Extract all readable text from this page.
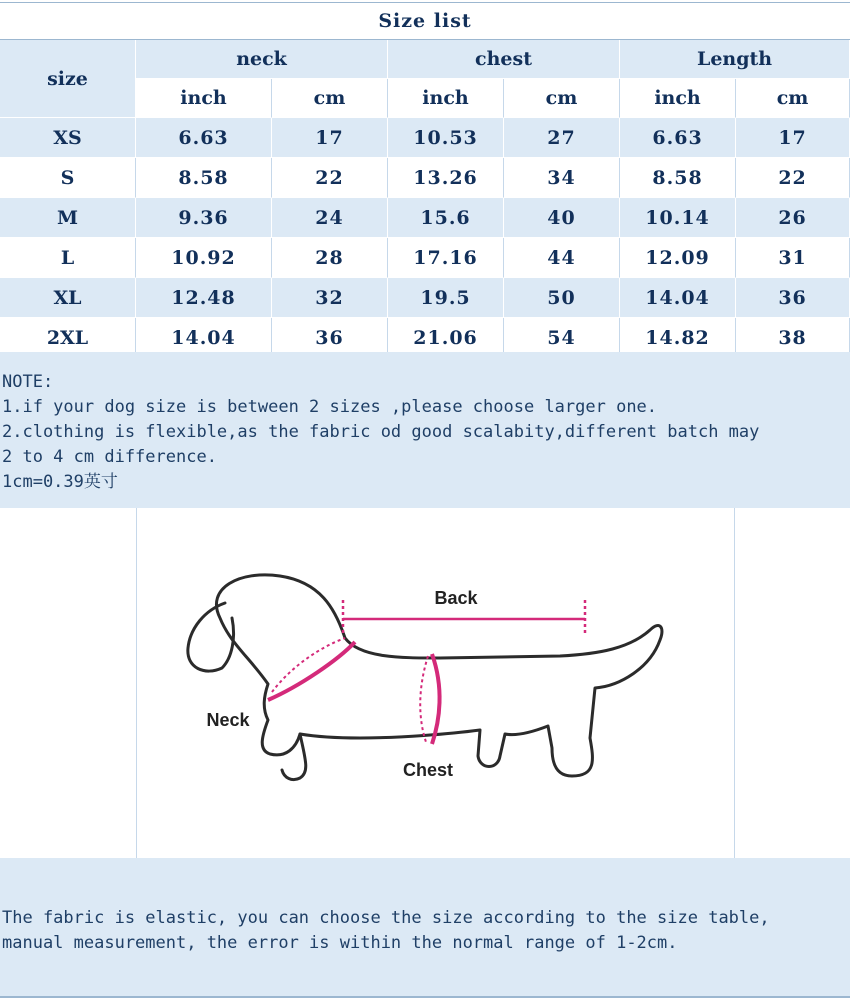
Size list
size	neck		chest		Length	
	inch	cm	inch	cm	inch	cm
XS	6.63	17	10.53	27	6.63	17
S	8.58	22	13.26	34	8.58	22
M	9.36	24	15.6	40	10.14	26
L	10.92	28	17.16	44	12.09	31
XL	12.48	32	19.5	50	14.04	36
2XL	14.04	36	21.06	54	14.82	38
NOTE:
1.if your dog size is between 2 sizes ,please choose larger one.
2.clothing is flexible,as the fabric od good scalabity,different batch may
2 to 4 cm difference.
1cm=0.39英寸
Back
Neck
Chest
The fabric is elastic, you can choose the size according to the size table,
manual measurement, the error is within the normal range of 1-2cm.
